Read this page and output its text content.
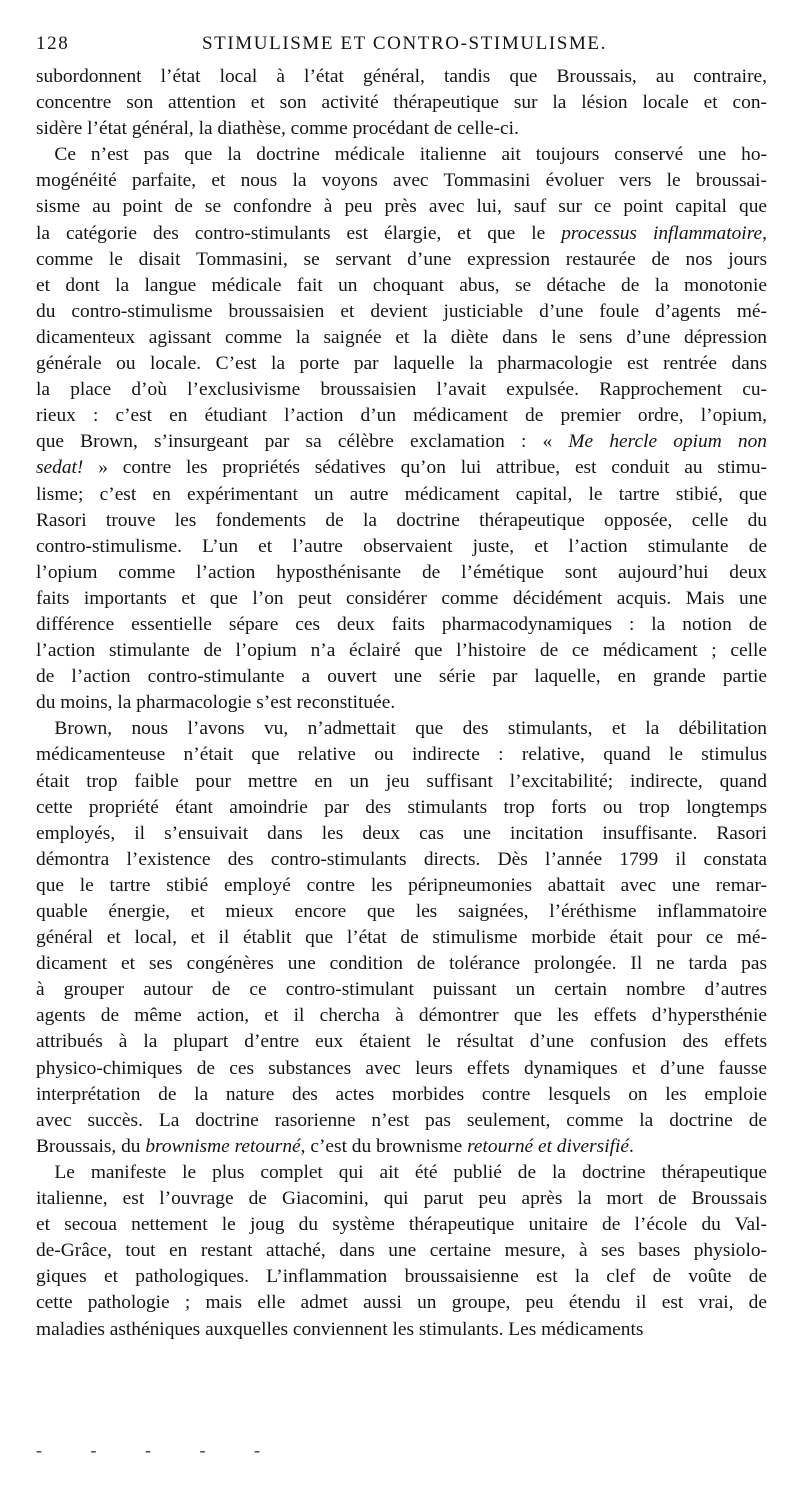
128	STIMULISME ET CONTRO-STIMULISME.
subordonnent l’état local à l’état général, tandis que Broussais, au contraire,
concentre son attention et son activité thérapeutique sur la lésion locale et con-
sidère l’état général, la diathèse, comme procédant de celle-ci.
Ce n’est pas que la doctrine médicale italienne ait toujours conservé une ho-
mogénéité parfaite, et nous la voyons avec Tommasini évoluer vers le broussai-
sisme au point de se confondre à peu près avec lui, sauf sur ce point capital que
la catégorie des contro-stimulants est élargie, et que le processus inflammatoire,
comme le disait Tommasini, se servant d’une expression restaurée de nos jours
et dont la langue médicale fait un choquant abus, se détache de la monotonie
du contro-stimulisme broussaisien et devient justiciable d’une foule d’agents mé-
dicamenteux agissant comme la saignée et la diète dans le sens d’une dépression
générale ou locale. C’est la porte par laquelle la pharmacologie est rentrée dans
la place d’où l’exclusivisme broussaisien l’avait expulsée. Rapprochement cu-
rieux : c’est en étudiant l’action d’un médicament de premier ordre, l’opium,
que Brown, s’insurgeant par sa célèbre exclamation : « Me hercle opium non
sedat! » contre les propriétés sédatives qu’on lui attribue, est conduit au stimu-
lisme; c’est en expérimentant un autre médicament capital, le tartre stibié, que
Rasori trouve les fondements de la doctrine thérapeutique opposée, celle du
contro-stimulisme. L’un et l’autre observaient juste, et l’action stimulante de
l’opium comme l’action hyposthénisante de l’émétique sont aujourd’hui deux
faits importants et que l’on peut considérer comme décidément acquis. Mais une
différence essentielle sépare ces deux faits pharmacodynamiques : la notion de
l’action stimulante de l’opium n’a éclairé que l’histoire de ce médicament ; celle
de l’action contro-stimulante a ouvert une série par laquelle, en grande partie
du moins, la pharmacologie s’est reconstituée.
Brown, nous l’avons vu, n’admettait que des stimulants, et la débilitation
médicamenteuse n’était que relative ou indirecte : relative, quand le stimulus
était trop faible pour mettre en un jeu suffisant l’excitabilité; indirecte, quand
cette propriété étant amoindrie par des stimulants trop forts ou trop longtemps
employés, il s’ensuivait dans les deux cas une incitation insuffisante. Rasori
démontra l’existence des contro-stimulants directs. Dès l’année 1799 il constata
que le tartre stibié employé contre les péripneumonies abattait avec une remar-
quable énergie, et mieux encore que les saignées, l’éréthisme inflammatoire
général et local, et il établit que l’état de stimulisme morbide était pour ce mé-
dicament et ses congénères une condition de tolérance prolongée. Il ne tarda pas
à grouper autour de ce contro-stimulant puissant un certain nombre d’autres
agents de même action, et il chercha à démontrer que les effets d’hypersthénie
attribués à la plupart d’entre eux étaient le résultat d’une confusion des effets
physico-chimiques de ces substances avec leurs effets dynamiques et d’une fausse
interprétation de la nature des actes morbides contre lesquels on les emploie
avec succès. La doctrine rasorienne n’est pas seulement, comme la doctrine de
Broussais, du brownisme retourné, c’est du brownisme retourné et diversifié.
Le manifeste le plus complet qui ait été publié de la doctrine thérapeutique
italienne, est l’ouvrage de Giacomini, qui parut peu après la mort de Broussais
et secoua nettement le joug du système thérapeutique unitaire de l’école du Val-
de-Grâce, tout en restant attaché, dans une certaine mesure, à ses bases physiolo-
giques et pathologiques. L’inflammation broussaisienne est la clef de voûte de
cette pathologie ; mais elle admet aussi un groupe, peu étendu il est vrai, de
maladies asthéniques auxquelles conviennent les stimulants. Les médicaments
- - - - -
